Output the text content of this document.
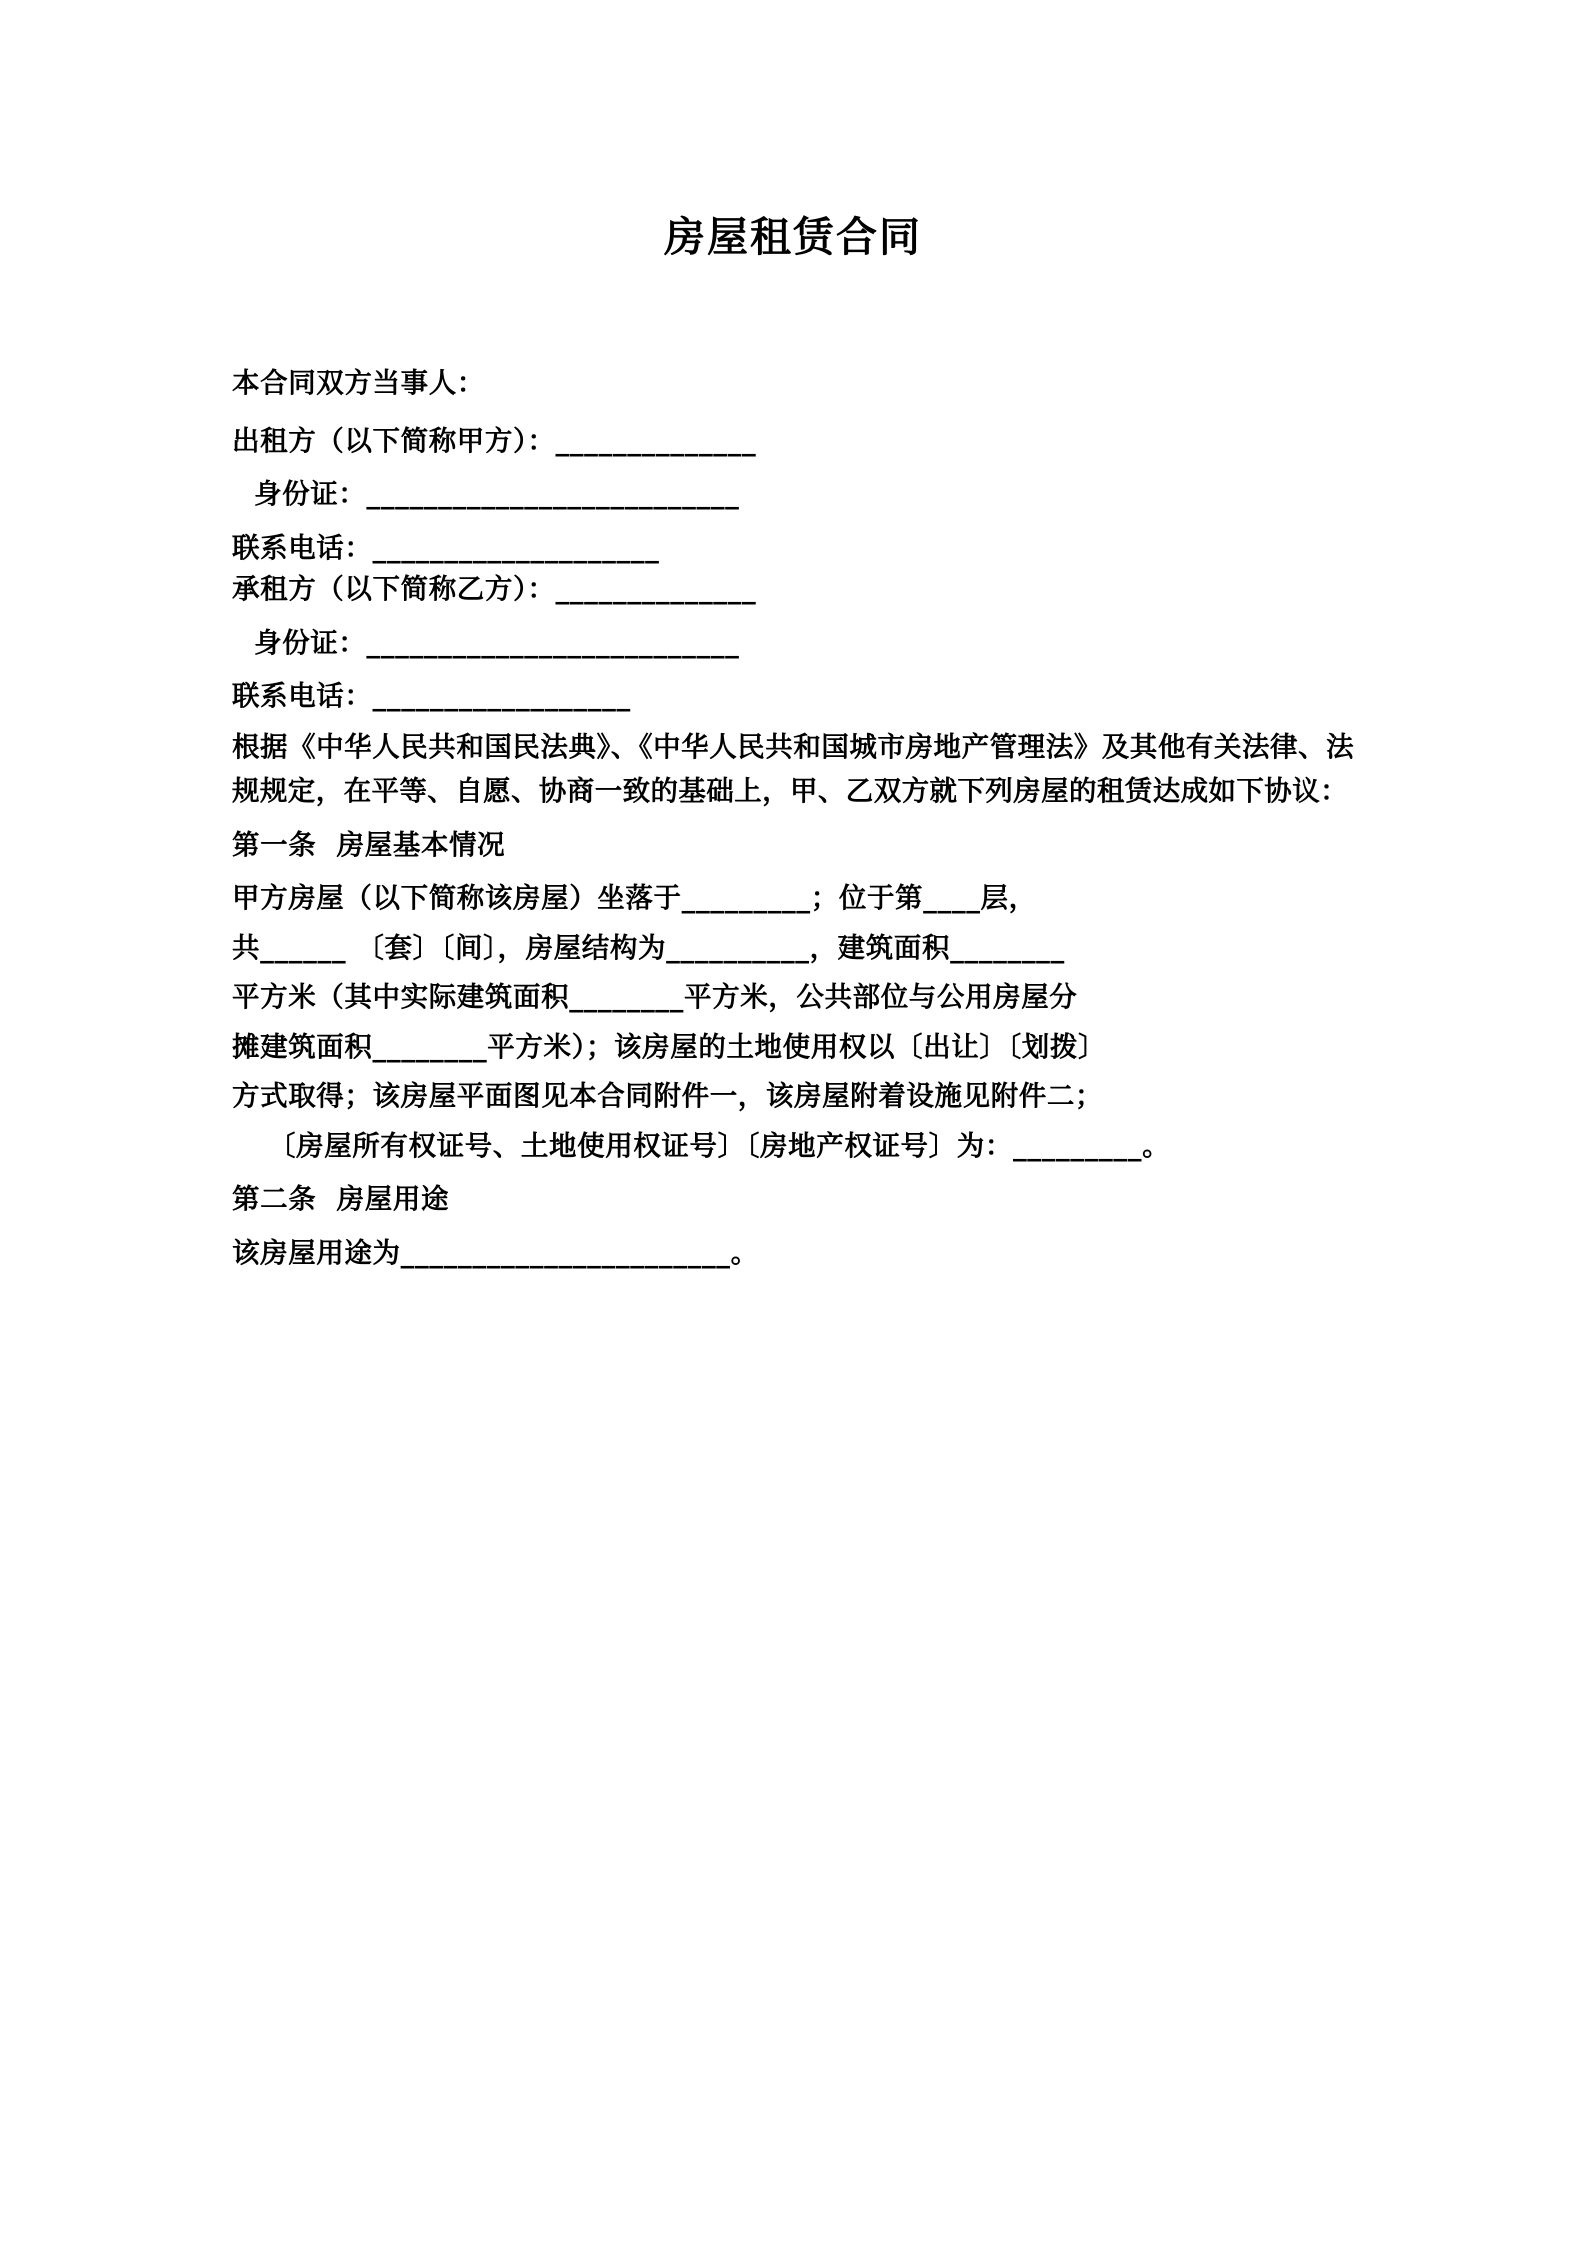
房屋租赁合同
本合同双方当事人：
出租方（以下简称甲方）：______________
身份证：__________________________
联系电话：____________________
承租方（以下简称乙方）：______________
身份证：__________________________
联系电话：__________________

根据《中华人民共和国民法典》、《中华人民共和国城市房地产管理法》及其他有关法律、法规规定，在平等、自愿、协商一致的基础上，甲、乙双方就下列房屋的租赁达成如下协议：

第一条  房屋基本情况
甲方房屋（以下简称该房屋）坐落于_________；位于第____层，
共______ 〔套〕〔间〕，房屋结构为__________，建筑面积________
平方米（其中实际建筑面积________平方米，公共部位与公用房屋分
摊建筑面积________平方米）；该房屋的土地使用权以〔出让〕〔划拨〕
方式取得；该房屋平面图见本合同附件一，该房屋附着设施见附件二；
〔房屋所有权证号、土地使用权证号〕〔房地产权证号〕为：_________。
第二条  房屋用途
该房屋用途为_______________________。
